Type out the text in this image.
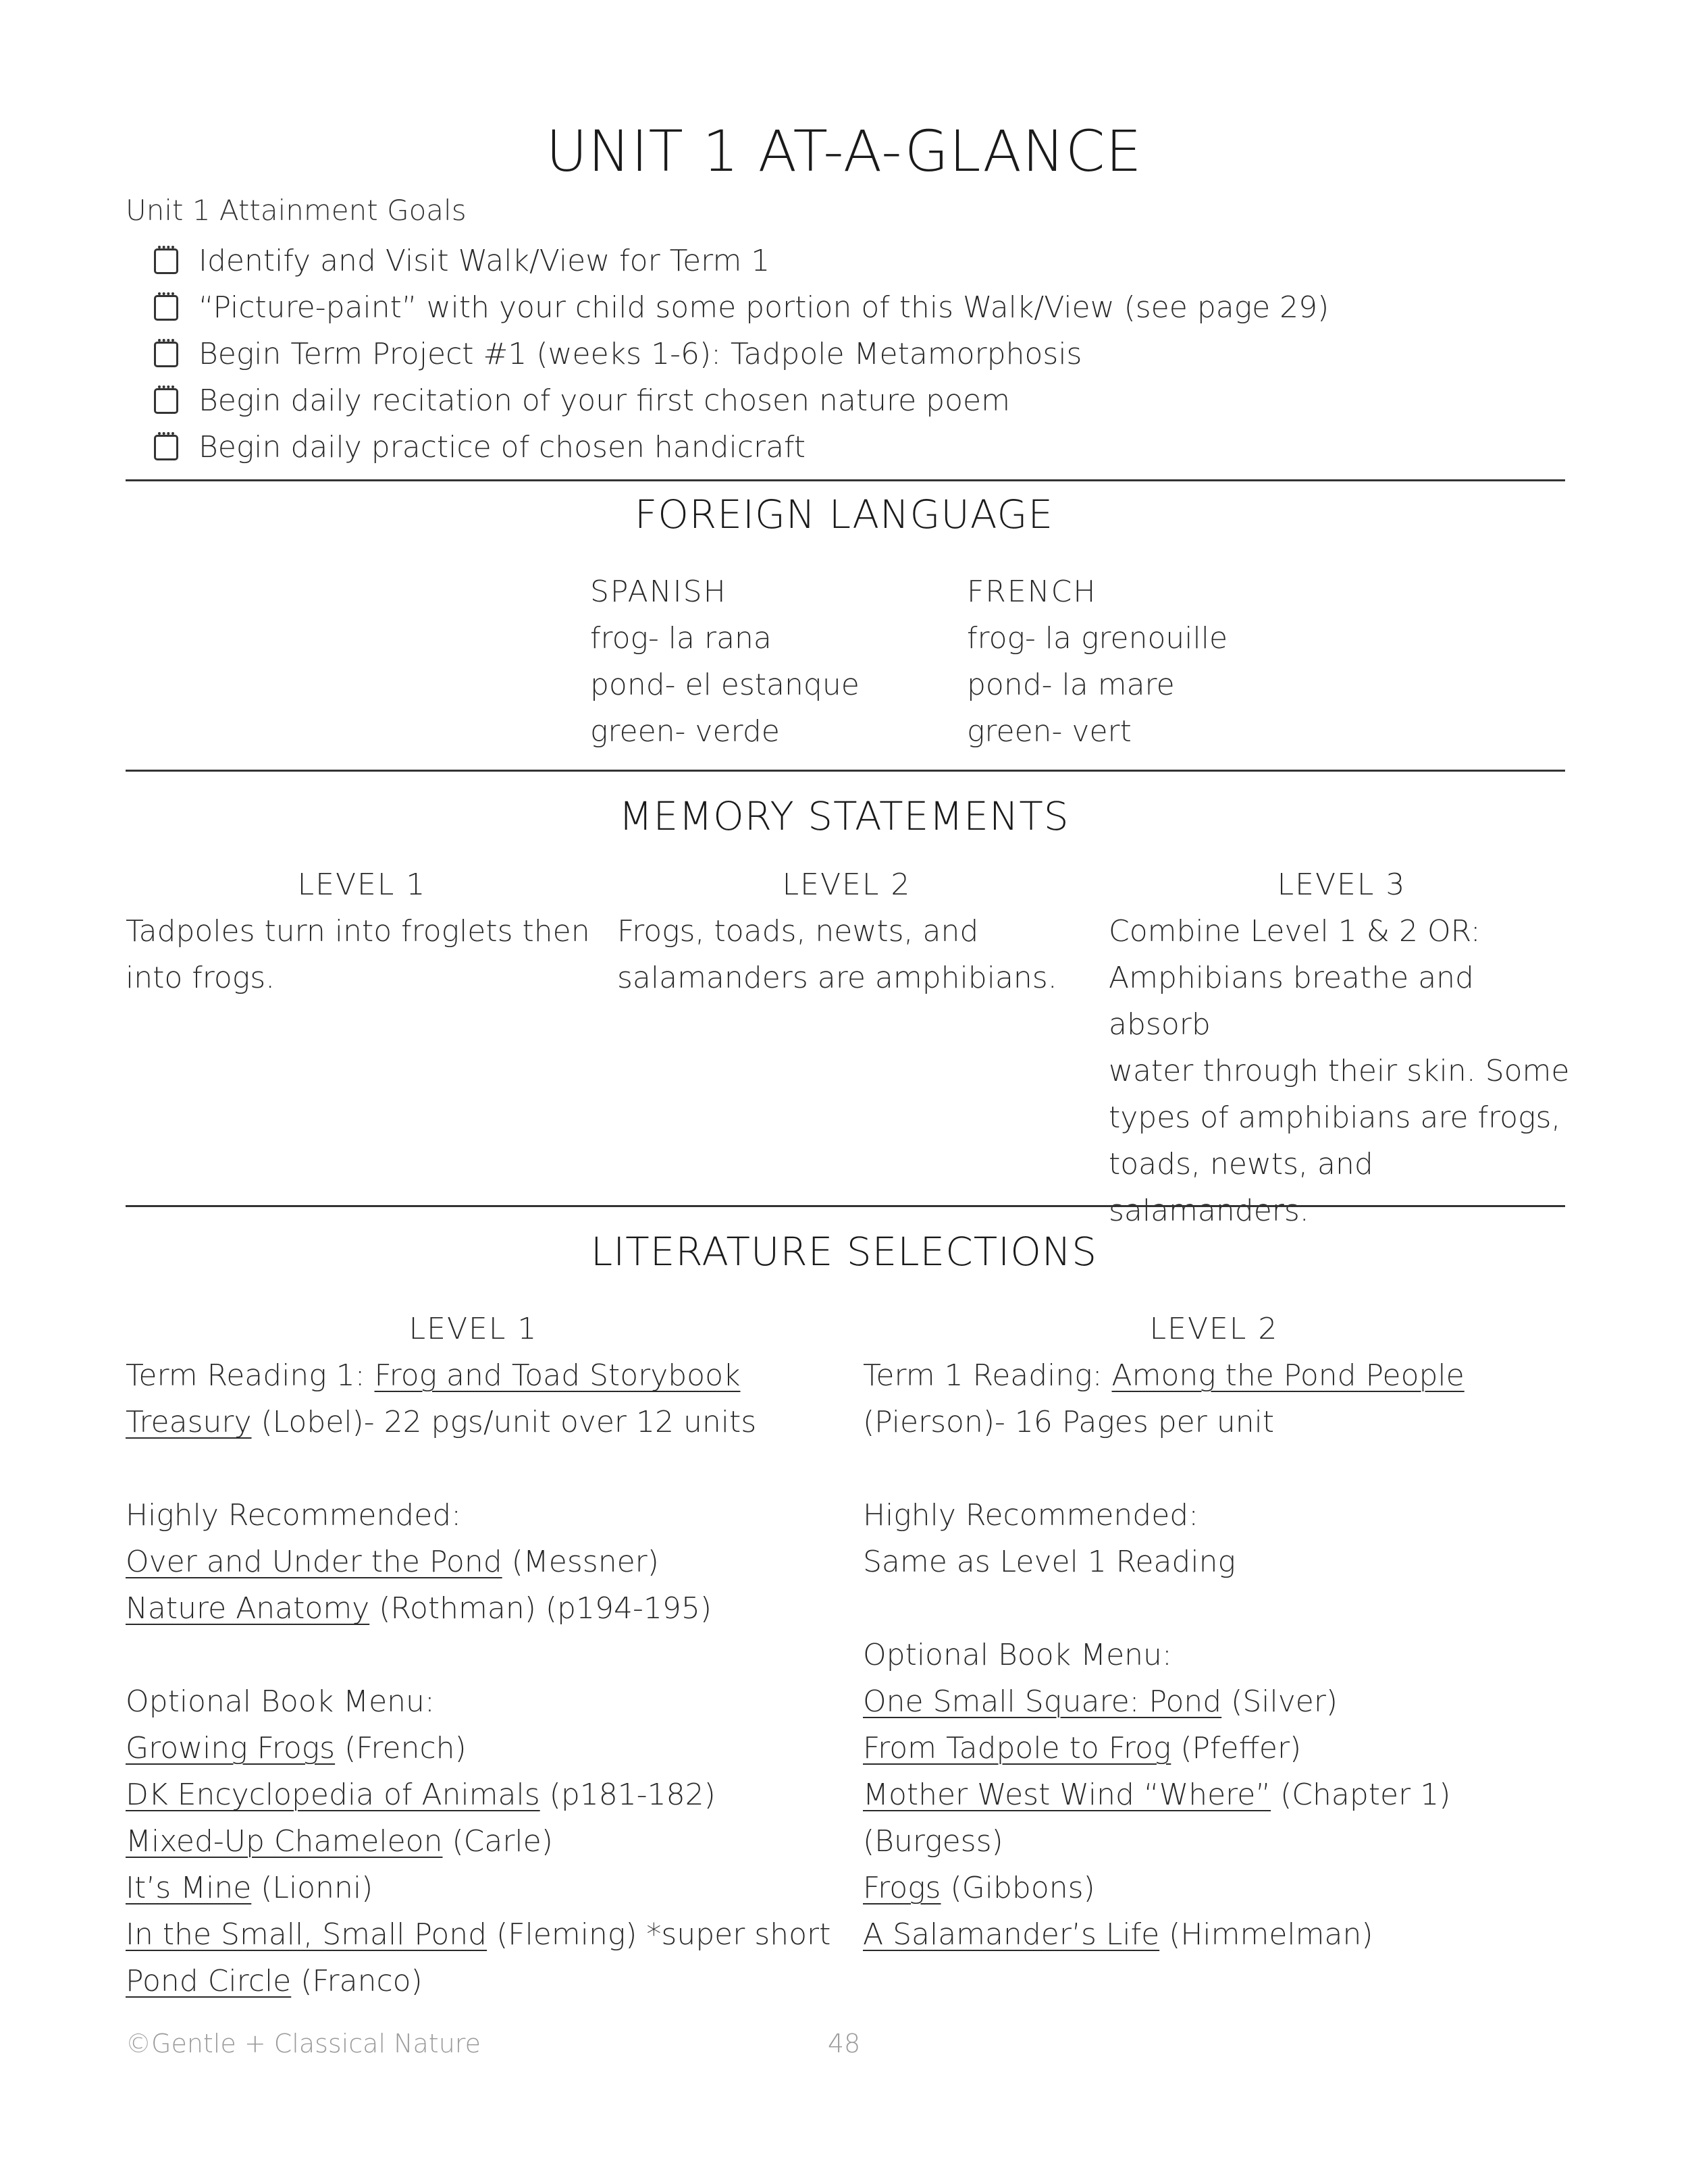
UNIT 1 AT-A-GLANCE
Unit 1 Attainment Goals
Identify and Visit Walk/View for Term 1
“Picture-paint” with your child some portion of this Walk/View (see page 29)
Begin Term Project #1 (weeks 1-6): Tadpole Metamorphosis
Begin daily recitation of your first chosen nature poem
Begin daily practice of chosen handicraft
FOREIGN LANGUAGE
SPANISH
frog- la rana
pond- el estanque
green- verde
FRENCH
frog- la grenouille
pond- la mare
green- vert
MEMORY STATEMENTS
LEVEL 1
Tadpoles turn into froglets then
into frogs.
LEVEL 2
Frogs, toads, newts, and
salamanders are amphibians.
LEVEL 3
Combine Level 1 & 2 OR:
Amphibians breathe and absorb
water through their skin. Some
types of amphibians are frogs,
toads, newts, and salamanders.
LITERATURE SELECTIONS
LEVEL 1
Term Reading 1: Frog and Toad Storybook
Treasury (Lobel)- 22 pgs/unit over 12 units
Highly Recommended:
Over and Under the Pond (Messner)
Nature Anatomy (Rothman) (p194-195)
Optional Book Menu:
Growing Frogs (French)
DK Encyclopedia of Animals (p181-182)
Mixed-Up Chameleon (Carle)
It’s Mine (Lionni)
In the Small, Small Pond (Fleming) *super short
Pond Circle (Franco)
LEVEL 2
Term 1 Reading: Among the Pond People
(Pierson)- 16 Pages per unit
Highly Recommended:
Same as Level 1 Reading
Optional Book Menu:
One Small Square: Pond (Silver)
From Tadpole to Frog (Pfeffer)
Mother West Wind “Where” (Chapter 1)
(Burgess)
Frogs (Gibbons)
A Salamander’s Life (Himmelman)
©Gentle + Classical Nature	48
